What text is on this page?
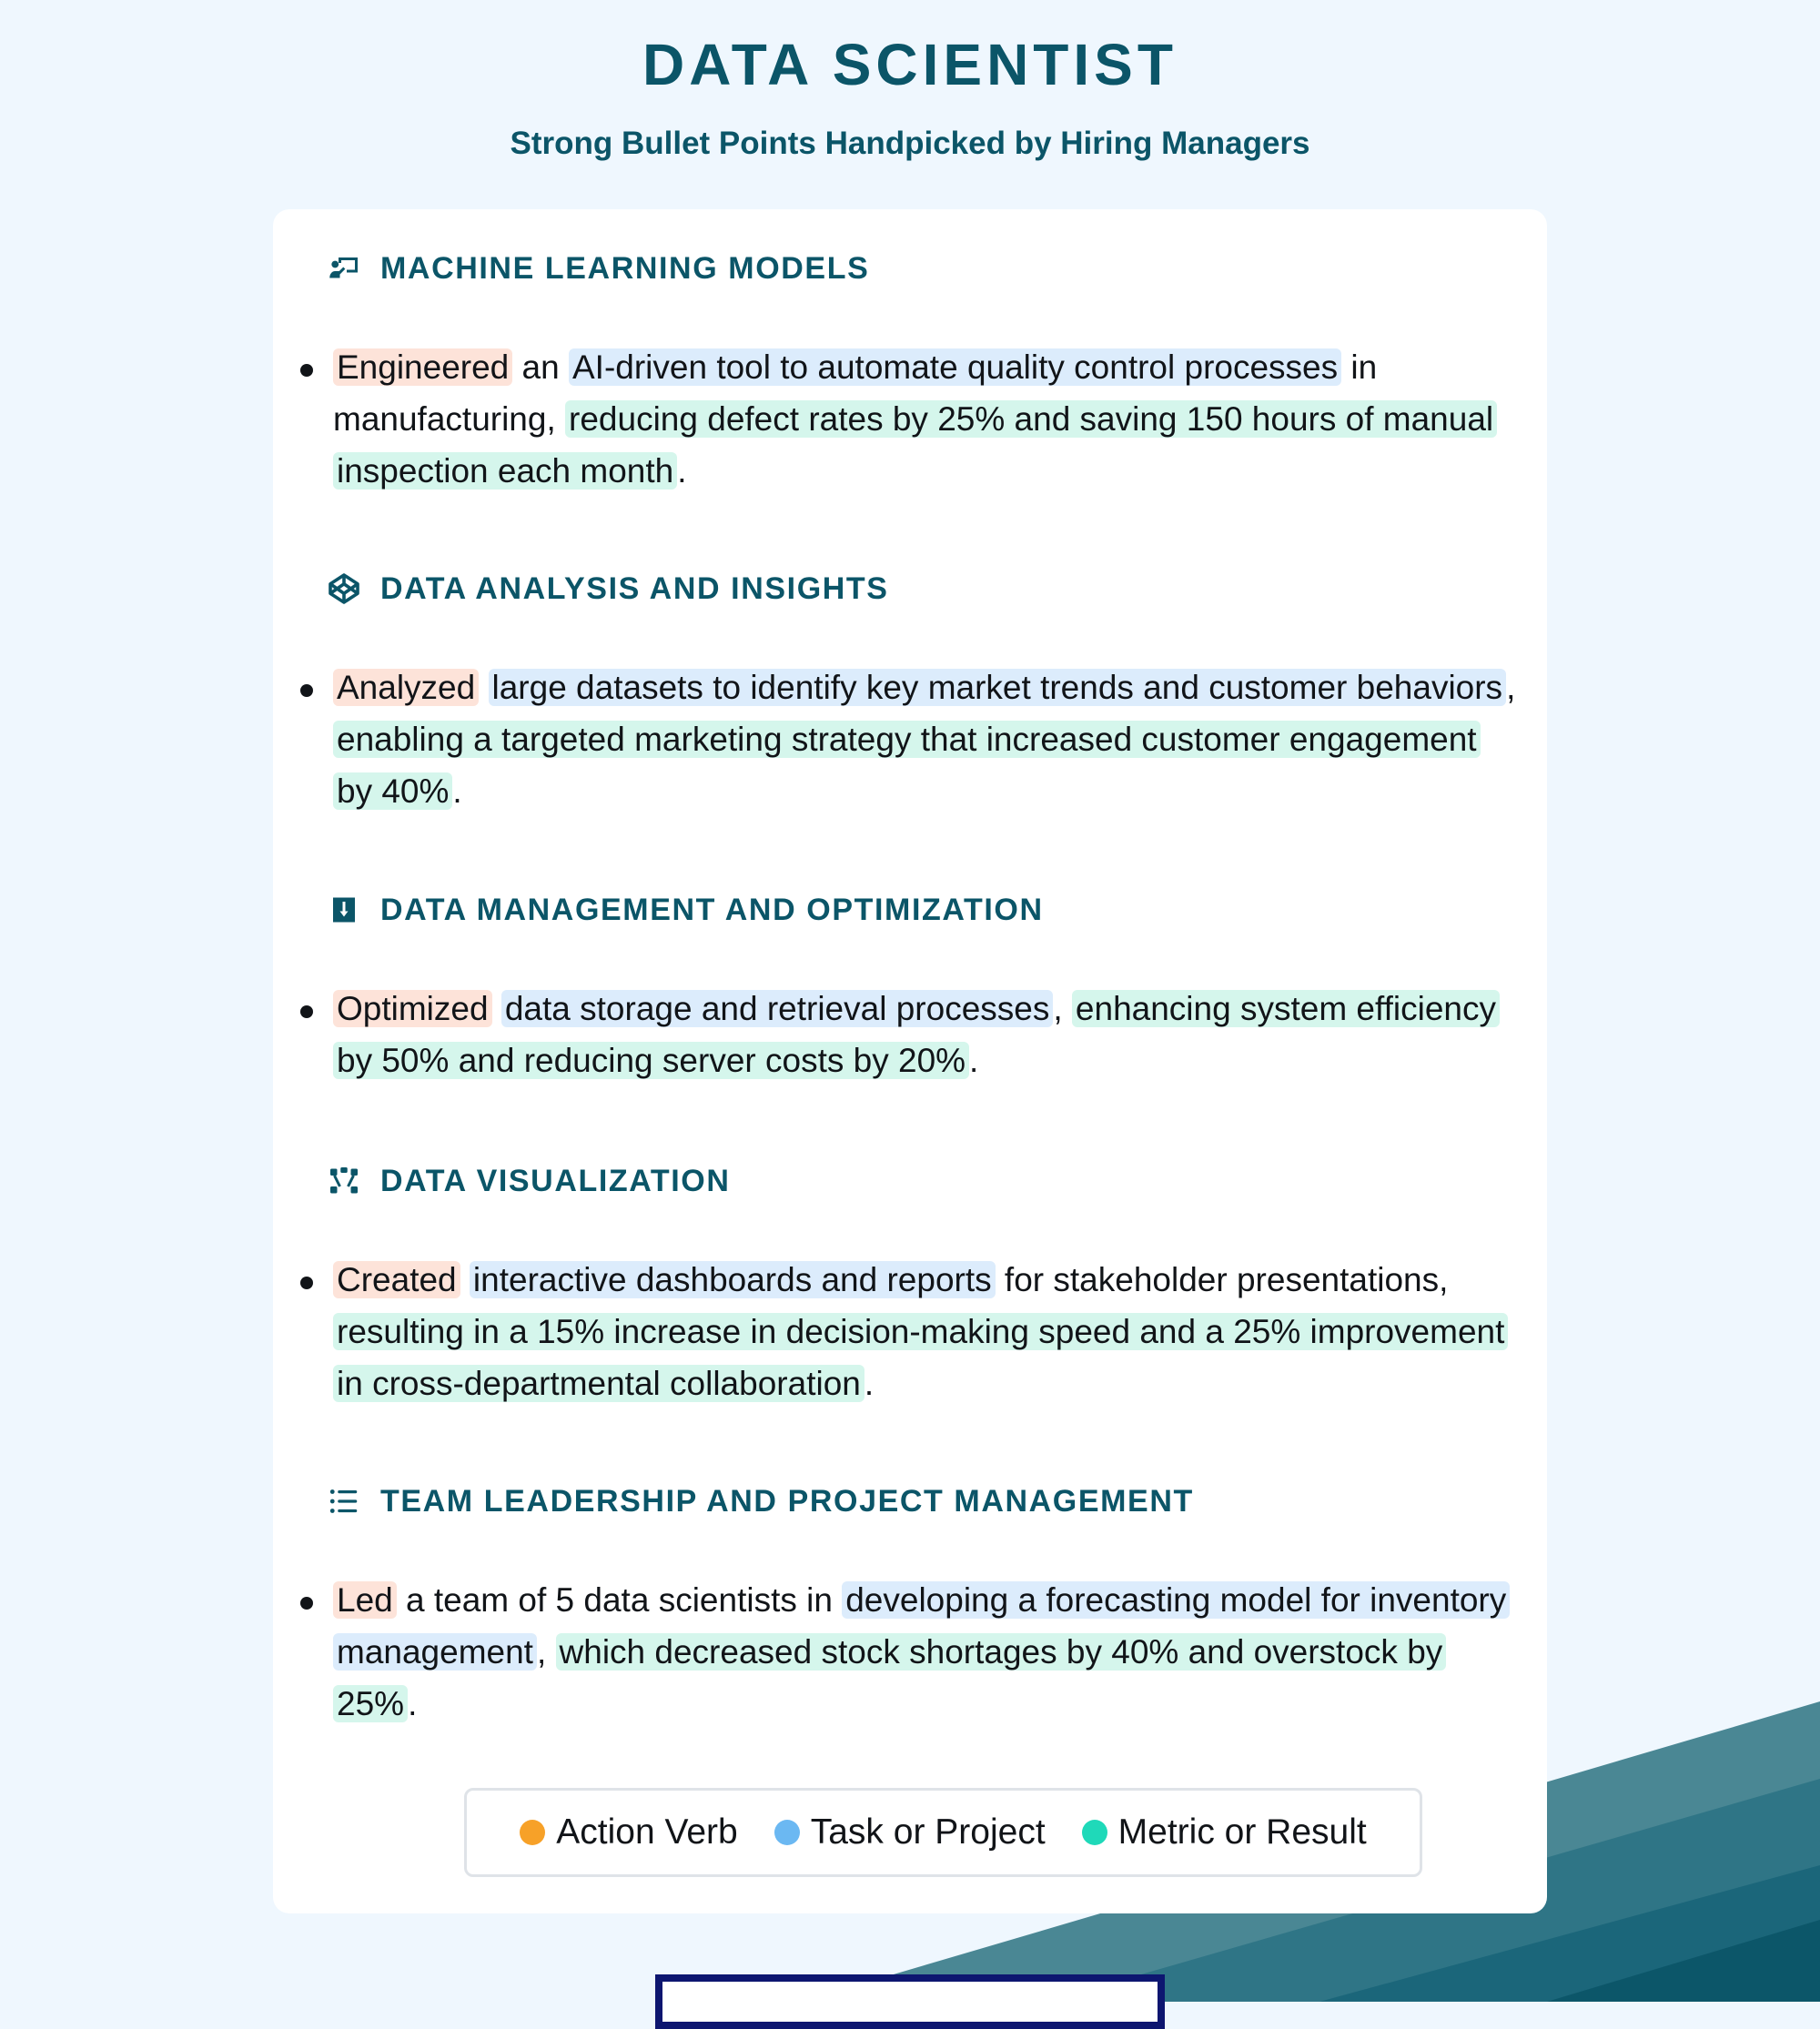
DATA SCIENTIST
Strong Bullet Points Handpicked by Hiring Managers
MACHINE LEARNING MODELS
Engineered an AI-driven tool to automate quality control processes in manufacturing, reducing defect rates by 25% and saving 150 hours of manual inspection each month .
DATA ANALYSIS AND INSIGHTS
Analyzed large datasets to identify key market trends and customer behaviors , enabling a targeted marketing strategy that increased customer engagement by 40% .
DATA MANAGEMENT AND OPTIMIZATION
Optimized data storage and retrieval processes , enhancing system efficiency by 50% and reducing server costs by 20% .
DATA VISUALIZATION
Created interactive dashboards and reports for stakeholder presentations, resulting in a 15% increase in decision-making speed and a 25% improvement in cross-departmental collaboration .
TEAM LEADERSHIP AND PROJECT MANAGEMENT
Led a team of 5 data scientists in developing a forecasting model for inventory management , which decreased stock shortages by 40% and overstock by 25% .
Action Verb Task or Project Metric or Result
